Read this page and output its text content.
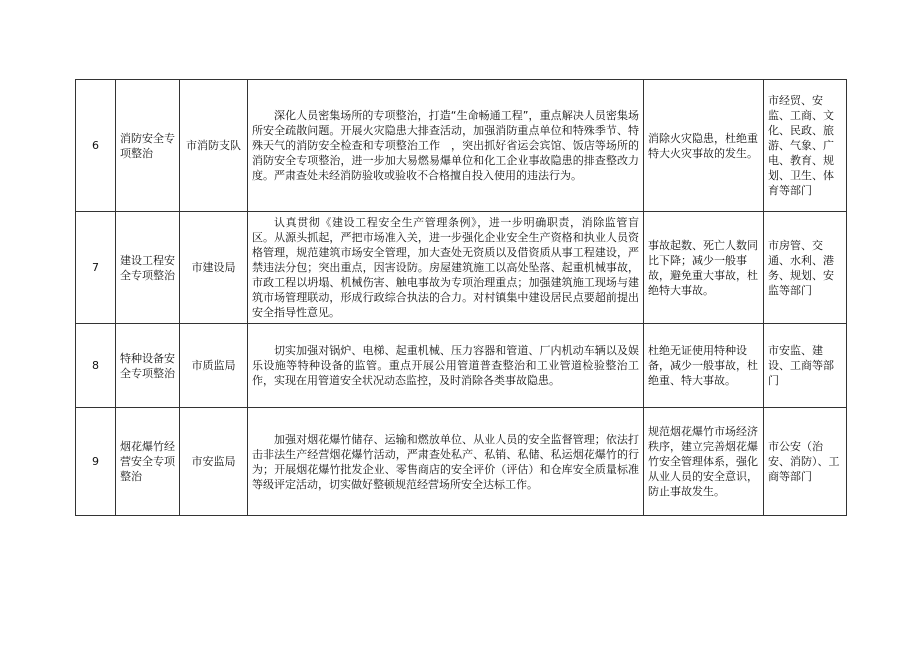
6	消防安全专项整治	市消防支队	深化人员密集场所的专项整治，打造“生命畅通工程”，重点解决人员密集场所安全疏散问题。开展火灾隐患大排查活动，加强消防重点单位和特殊季节、特殊天气的消防安全检查和专项整治工作　，突出抓好省运会宾馆、饭店等场所的消防安全专项整治，进一步加大易燃易爆单位和化工企业事故隐患的排查整改力度。严肃查处未经消防验收或验收不合格擅自投入使用的违法行为。	消除火灾隐患，杜绝重特大火灾事故的发生。	市经贸、安监、工商、文化、民政、旅游、气象、广电、教育、规划、卫生、体育等部门
7	建设工程安全专项整治	市建设局	认真贯彻《建设工程安全生产管理条例》，进一步明确职责，消除监管盲区。从源头抓起，严把市场准入关，进一步强化企业安全生产资格和执业人员资格管理，规范建筑市场安全管理，加大查处无资质以及借资质从事工程建设，严禁违法分包；突出重点，因害设防。房屋建筑施工以高处坠落、起重机械事故，市政工程以坍塌、机械伤害、触电事故为专项治理重点；加强建筑施工现场与建筑市场管理联动，形成行政综合执法的合力。对村镇集中建设居民点要超前提出安全指导性意见。	事故起数、死亡人数同比下降；减少一般事故，避免重大事故，杜绝特大事故。	市房管、交通、水利、港务、规划、安监等部门
8	特种设备安全专项整治	市质监局	切实加强对锅炉、电梯、起重机械、压力容器和管道、厂内机动车辆以及娱乐设施等特种设备的监管。重点开展公用管道普查整治和工业管道检验整治工作，实现在用管道安全状况动态监控，及时消除各类事故隐患。	杜绝无证使用特种设备，减少一般事故，杜绝重、特大事故。	市安监、建设、工商等部门
9	烟花爆竹经营安全专项整治	市安监局	加强对烟花爆竹储存、运输和燃放单位、从业人员的安全监督管理；依法打击非法生产经营烟花爆竹活动，严肃查处私产、私销、私储、私运烟花爆竹的行为；开展烟花爆竹批发企业、零售商店的安全评价（评估）和仓库安全质量标准等级评定活动，切实做好整顿规范经营场所安全达标工作。	规范烟花爆竹市场经济秩序，建立完善烟花爆竹安全管理体系，强化从业人员的安全意识，防止事故发生。	市公安（治安、消防）、工商等部门
